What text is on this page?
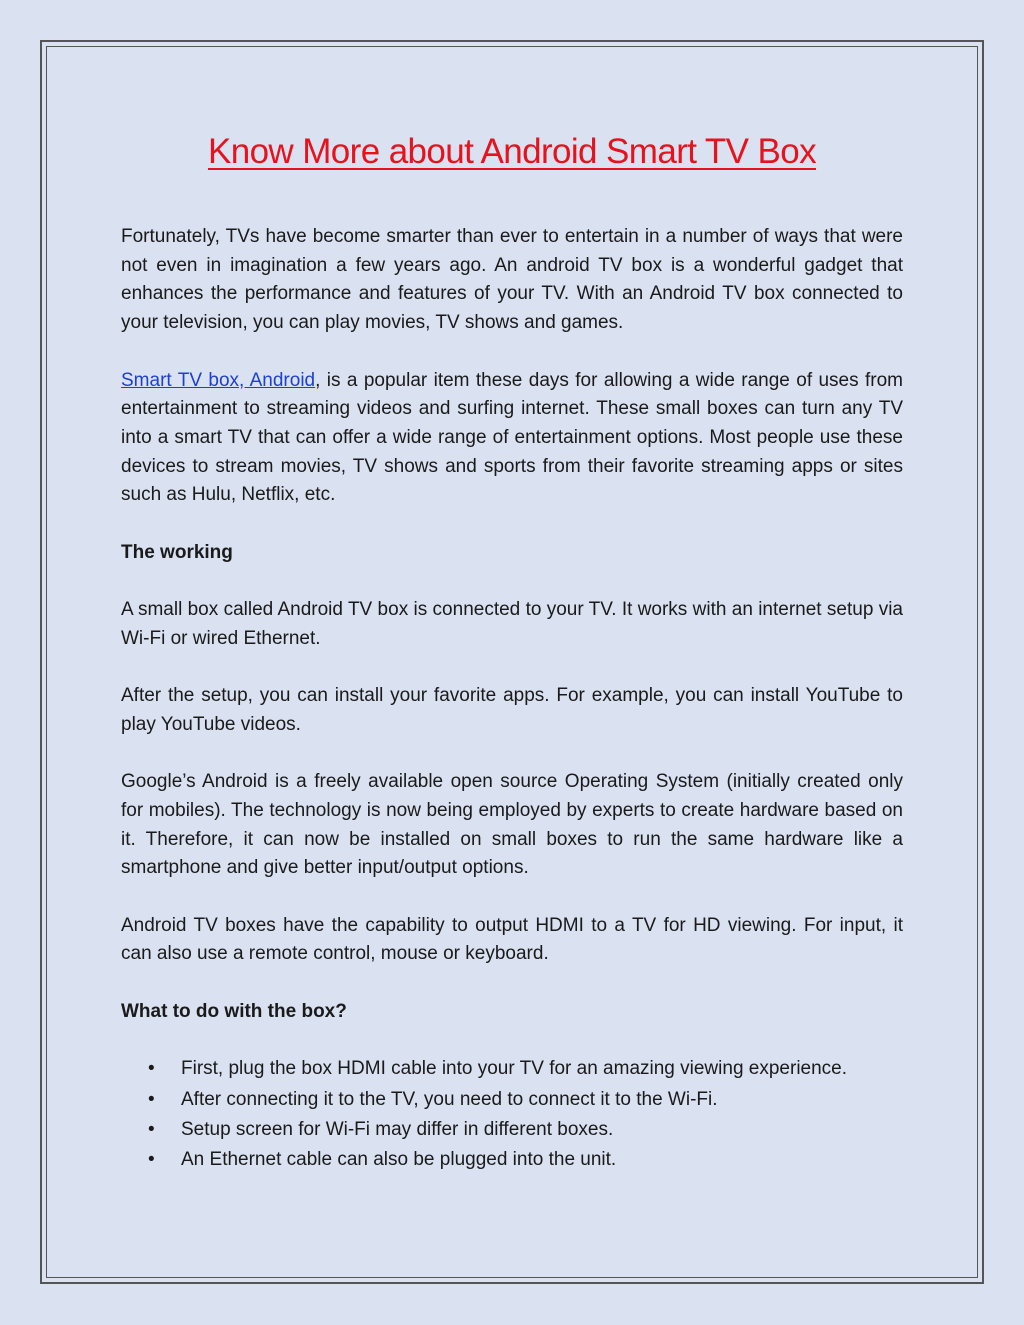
Know More about Android Smart TV Box

Fortunately, TVs have become smarter than ever to entertain in a number of ways that were not even in imagination a few years ago. An android TV box is a wonderful gadget that enhances the performance and features of your TV. With an Android TV box connected to your television, you can play movies, TV shows and games.

Smart TV box, Android, is a popular item these days for allowing a wide range of uses from entertainment to streaming videos and surfing internet. These small boxes can turn any TV into a smart TV that can offer a wide range of entertainment options. Most people use these devices to stream movies, TV shows and sports from their favorite streaming apps or sites such as Hulu, Netflix, etc.

The working

A small box called Android TV box is connected to your TV. It works with an internet setup via Wi-Fi or wired Ethernet.

After the setup, you can install your favorite apps. For example, you can install YouTube to play YouTube videos.

Google’s Android is a freely available open source Operating System (initially created only for mobiles). The technology is now being employed by experts to create hardware based on it. Therefore, it can now be installed on small boxes to run the same hardware like a smartphone and give better input/output options.

Android TV boxes have the capability to output HDMI to a TV for HD viewing. For input, it can also use a remote control, mouse or keyboard.

What to do with the box?

• First, plug the box HDMI cable into your TV for an amazing viewing experience.
• After connecting it to the TV, you need to connect it to the Wi-Fi.
• Setup screen for Wi-Fi may differ in different boxes.
• An Ethernet cable can also be plugged into the unit.
